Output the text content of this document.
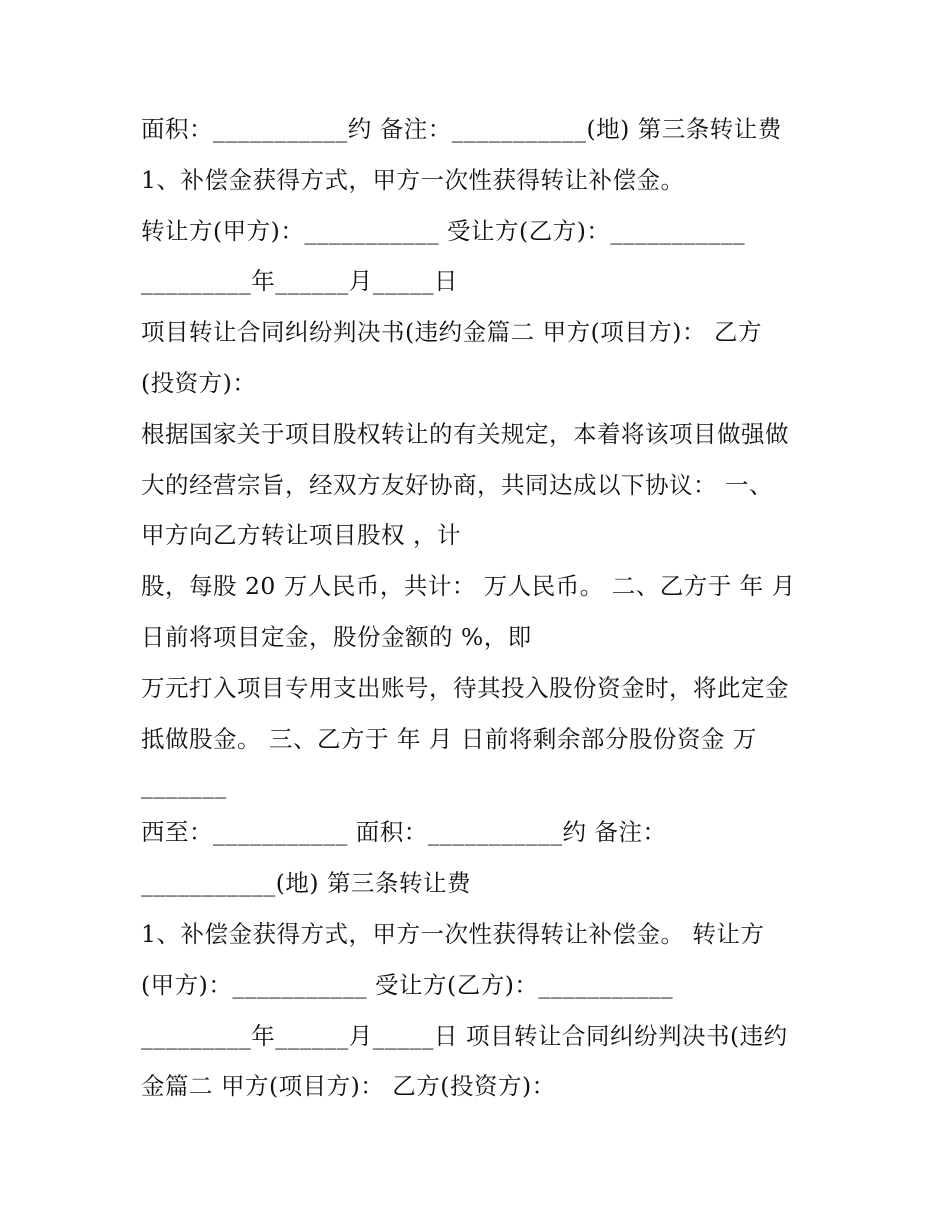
面积：___________约 备注：___________(地) 第三条转让费
1、补偿金获得方式，甲方一次性获得转让补偿金。
转让方(甲方)：___________ 受让方(乙方)：___________
_________年______月_____日
项目转让合同纠纷判决书(违约金篇二 甲方(项目方)： 乙方
(投资方)：
根据国家关于项目股权转让的有关规定，本着将该项目做强做
大的经营宗旨，经双方友好协商，共同达成以下协议： 一、
甲方向乙方转让项目股权 ，计
股，每股 20 万人民币，共计： 万人民币。 二、乙方于 年 月
日前将项目定金，股份金额的 %，即
万元打入项目专用支出账号，待其投入股份资金时，将此定金
抵做股金。 三、乙方于 年 月 日前将剩余部分股份资金 万
_______
西至：___________ 面积：___________约 备注：
___________(地) 第三条转让费
1、补偿金获得方式，甲方一次性获得转让补偿金。 转让方
(甲方)：___________ 受让方(乙方)：___________
_________年______月_____日 项目转让合同纠纷判决书(违约
金篇二 甲方(项目方)： 乙方(投资方)：
